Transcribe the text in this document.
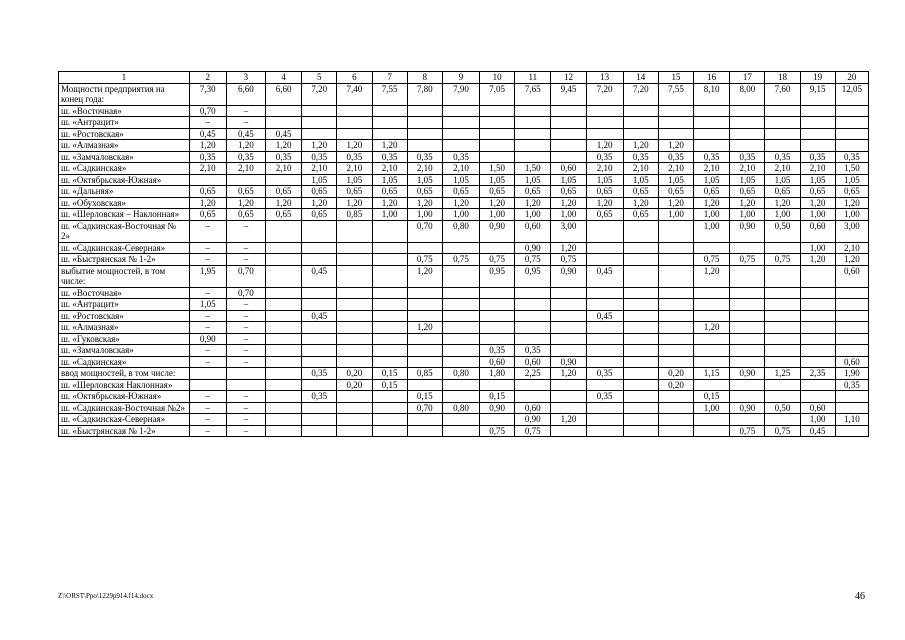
1	2	3	4	5	6	7	8	9	10	11	12	13	14	15	16	17	18	19	20
Мощности предприятия на конец года:	7,30	6,60	6,60	7,20	7,40	7,55	7,80	7,90	7,05	7,65	9,45	7,20	7,20	7,55	8,10	8,00	7,60	9,15	12,05
ш. «Восточная»	0,70	–																	
ш. «Антрацит»	–	–																	
ш. «Ростовская»	0,45	0,45	0,45																
ш. «Алмазная»	1,20	1,20	1,20	1,20	1,20	1,20						1,20	1,20	1,20					
ш. «Замчаловская»	0,35	0,35	0,35	0,35	0,35	0,35	0,35	0,35				0,35	0,35	0,35	0,35	0,35	0,35	0,35	0,35
ш. «Садкинская»	2,10	2,10	2,10	2,10	2,10	2,10	2,10	2,10	1,50	1,50	0,60	2,10	2,10	2,10	2,10	2,10	2,10	2,10	1,50
ш. «Октябрьская-Южная»				1,05	1,05	1,05	1,05	1,05	1,05	1,05	1,05	1,05	1,05	1,05	1,05	1,05	1,05	1,05	1,05
ш. «Дальняя»	0,65	0,65	0,65	0,65	0,65	0,65	0,65	0,65	0,65	0,65	0,65	0,65	0,65	0,65	0,65	0,65	0,65	0,65	0,65
ш. «Обуховская»	1,20	1,20	1,20	1,20	1,20	1,20	1,20	1,20	1,20	1,20	1,20	1,20	1,20	1,20	1,20	1,20	1,20	1,20	1,20
ш. «Шерловская – Наклонная»	0,65	0,65	0,65	0,65	0,85	1,00	1,00	1,00	1,00	1,00	1,00	0,65	0,65	1,00	1,00	1,00	1,00	1,00	1,00
ш. «Садкинская-Восточная № 2»	–	–					0,70	0,80	0,90	0,60	3,00				1,00	0,90	0,50	0,60	3,00
ш. «Садкинская-Северная»	–	–								0,90	1,20							1,00	2,10
ш. «Быстрянская № 1-2»	–	–					0,75	0,75	0,75	0,75	0,75				0,75	0,75	0,75	1,20	1,20
выбытие мощностей, в том числе:	1,95	0,70		0,45			1,20		0,95	0,95	0,90	0,45			1,20				0,60
ш. «Восточная»	–	0,70																	
ш. «Антрацит»	1,05	–																	
ш. «Ростовская»	–	–		0,45								0,45							
ш. «Алмазная»	–	–					1,20								1,20				
ш. «Гуковская»	0,90	–																	
ш. «Замчаловская»	–	–							0,35	0,35									
ш. «Садкинская»	–	–							0,60	0,60	0,90								0,60
ввод мощностей, в том числе:				0,35	0,20	0,15	0,85	0,80	1,80	2,25	1,20	0,35		0,20	1,15	0,90	1,25	2,35	1,90
ш. «Шерловская Наклонная»					0,20	0,15								0,20					0,35
ш. «Октябрьская-Южная»	–	–		0,35			0,15		0,15			0,35			0,15				
ш. «Садкинская-Восточная №2»	–	–					0,70	0,80	0,90	0,60					1,00	0,90	0,50	0,60	
ш. «Садкинская-Северная»	–	–								0,90	1,20							1,00	1,10
ш. «Быстрянская № 1-2»	–	–							0,75	0,75						0,75	0,75	0,45	
Z:\ORST\Ppo\1229p914.f14.docx	46
